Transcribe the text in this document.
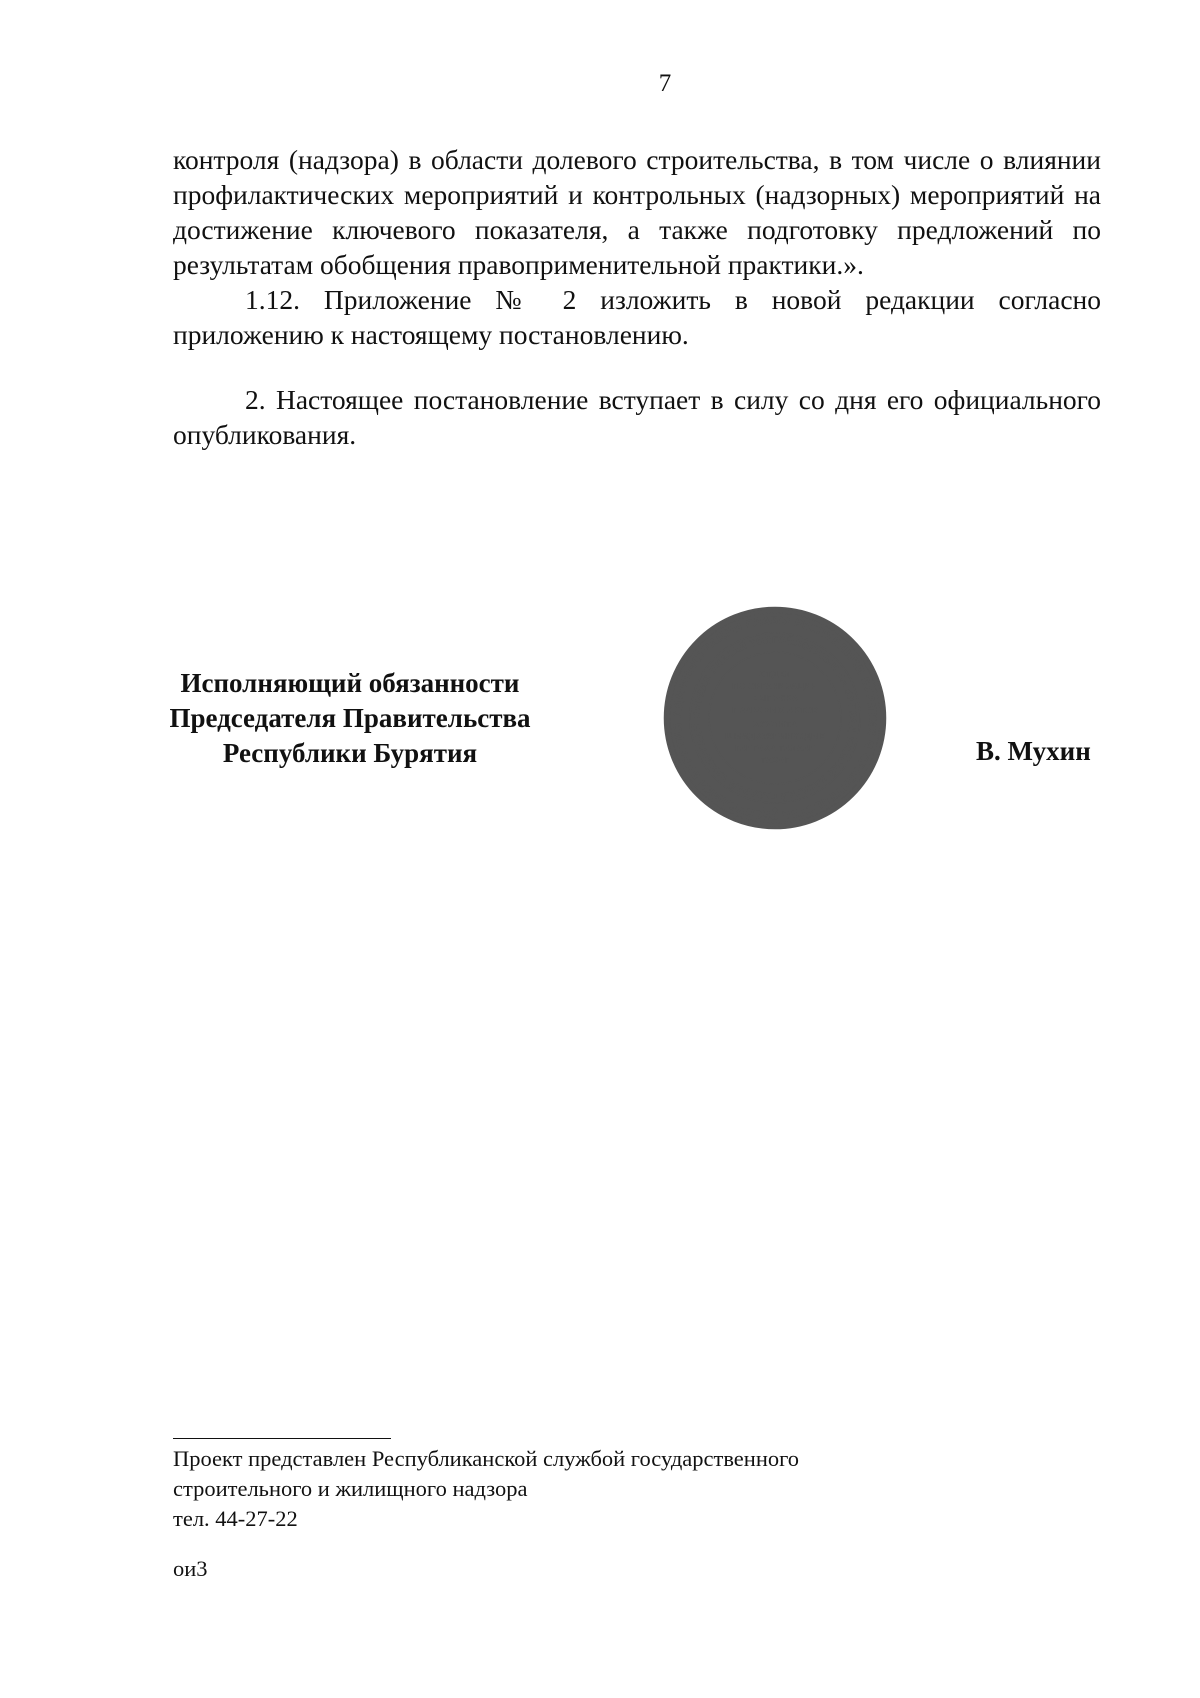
7

контроля (надзора) в области долевого строительства, в том числе о влиянии профилактических мероприятий и контрольных (надзорных) мероприятий на достижение ключевого показателя, а также подготовку предложений по результатам обобщения правоприменительной практики.».

1.12. Приложение № 2 изложить в новой редакции согласно приложению к настоящему постановлению.

2. Настоящее постановление вступает в силу со дня его официального опубликования.

Исполняющий обязанности
Председателя Правительства
Республики Бурятия
АДМИНИСТРАЦИЯ ГЛАВЫ РЕСПУБЛИКИ БУРЯТИЯ И ПРАВИТЕЛЬСТВА РЕСПУБЛИКИ БУРЯТИЯ
БУРЯАД УЛАСАЙ ТОЛГОЙЛОГШЫН БА БУРЯАД УЛАСАЙ ЗАСАГАЙ ГАЗАРАЙ ЗАХИРГААН
ОТДЕЛ
ПО ОРГАНИЗАЦИИ
ВЫПУСКА
ПРАВОВЫХ АКТОВ
ХУУЛИТА
ШИИДХЭЭРИНҮҮДЫЕ
ГАРГАХА ТАЛААР
ТАХАГ	В. Мухин
Проект представлен Республиканской службой государственного
строительного и жилищного надзора
тел. 44-27-22
ои3
